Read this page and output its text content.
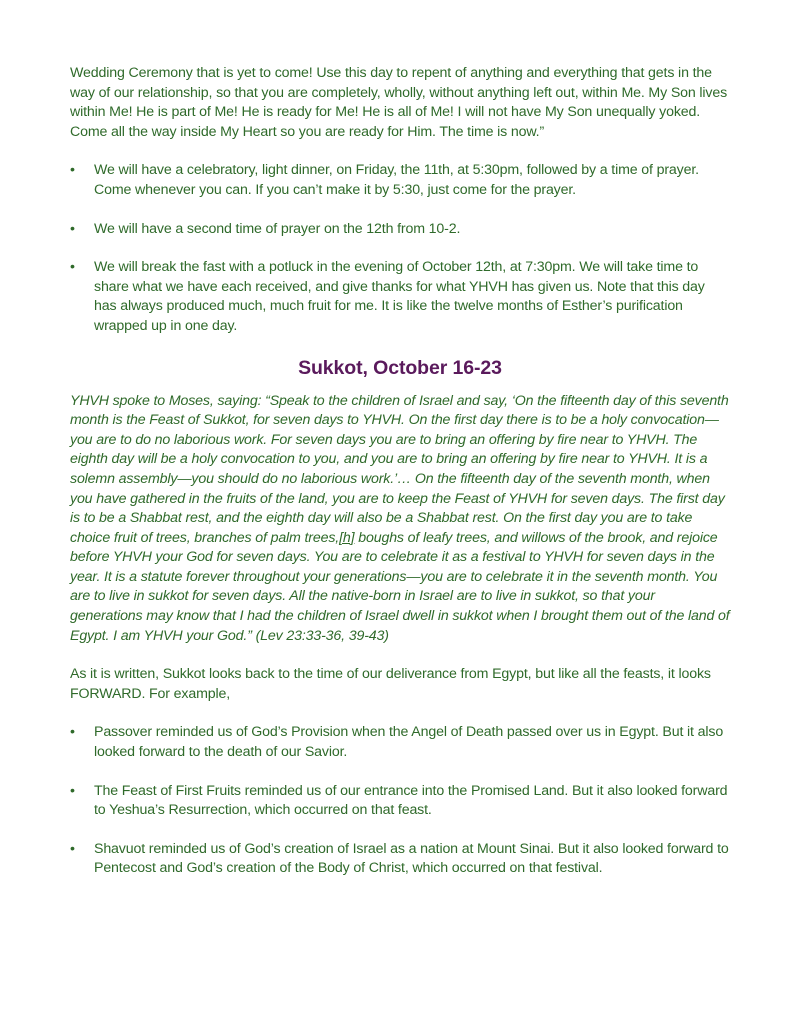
Wedding Ceremony that is yet to come! Use this day to repent of anything and everything that gets in the way of our relationship, so that you are completely, wholly, without anything left out, within Me. My Son lives within Me! He is part of Me! He is ready for Me! He is all of Me! I will not have My Son unequally yoked. Come all the way inside My Heart so you are ready for Him. The time is now.”

•	We will have a celebratory, light dinner, on Friday, the 11th, at 5:30pm, followed by a time of prayer. Come whenever you can. If you can’t make it by 5:30, just come for the prayer.
•	We will have a second time of prayer on the 12th from 10-2.
•	We will break the fast with a potluck in the evening of October 12th, at 7:30pm. We will take time to share what we have each received, and give thanks for what YHVH has given us. Note that this day has always produced much, much fruit for me. It is like the twelve months of Esther’s purification wrapped up in one day.
Sukkot, October 16-23

YHVH spoke to Moses, saying: “Speak to the children of Israel and say, ‘On the fifteenth day of this seventh month is the Feast of Sukkot, for seven days to YHVH. On the first day there is to be a holy convocation—you are to do no laborious work. For seven days you are to bring an offering by fire near to YHVH. The eighth day will be a holy convocation to you, and you are to bring an offering by fire near to YHVH. It is a solemn assembly—you should do no laborious work.’… On the fifteenth day of the seventh month, when you have gathered in the fruits of the land, you are to keep the Feast of YHVH for seven days. The first day is to be a Shabbat rest, and the eighth day will also be a Shabbat rest. On the first day you are to take choice fruit of trees, branches of palm trees,[h] boughs of leafy trees, and willows of the brook, and rejoice before YHVH your God for seven days. You are to celebrate it as a festival to YHVH for seven days in the year. It is a statute forever throughout your generations—you are to celebrate it in the seventh month. You are to live in sukkot for seven days. All the native-born in Israel are to live in sukkot, so that your generations may know that I had the children of Israel dwell in sukkot when I brought them out of the land of Egypt. I am YHVH your God.” (Lev 23:33-36, 39-43)

As it is written, Sukkot looks back to the time of our deliverance from Egypt, but like all the feasts, it looks FORWARD. For example,

•	Passover reminded us of God’s Provision when the Angel of Death passed over us in Egypt. But it also looked forward to the death of our Savior.
•	The Feast of First Fruits reminded us of our entrance into the Promised Land. But it also looked forward to Yeshua’s Resurrection, which occurred on that feast.
•	Shavuot reminded us of God’s creation of Israel as a nation at Mount Sinai. But it also looked forward to Pentecost and God’s creation of the Body of Christ, which occurred on that festival.
